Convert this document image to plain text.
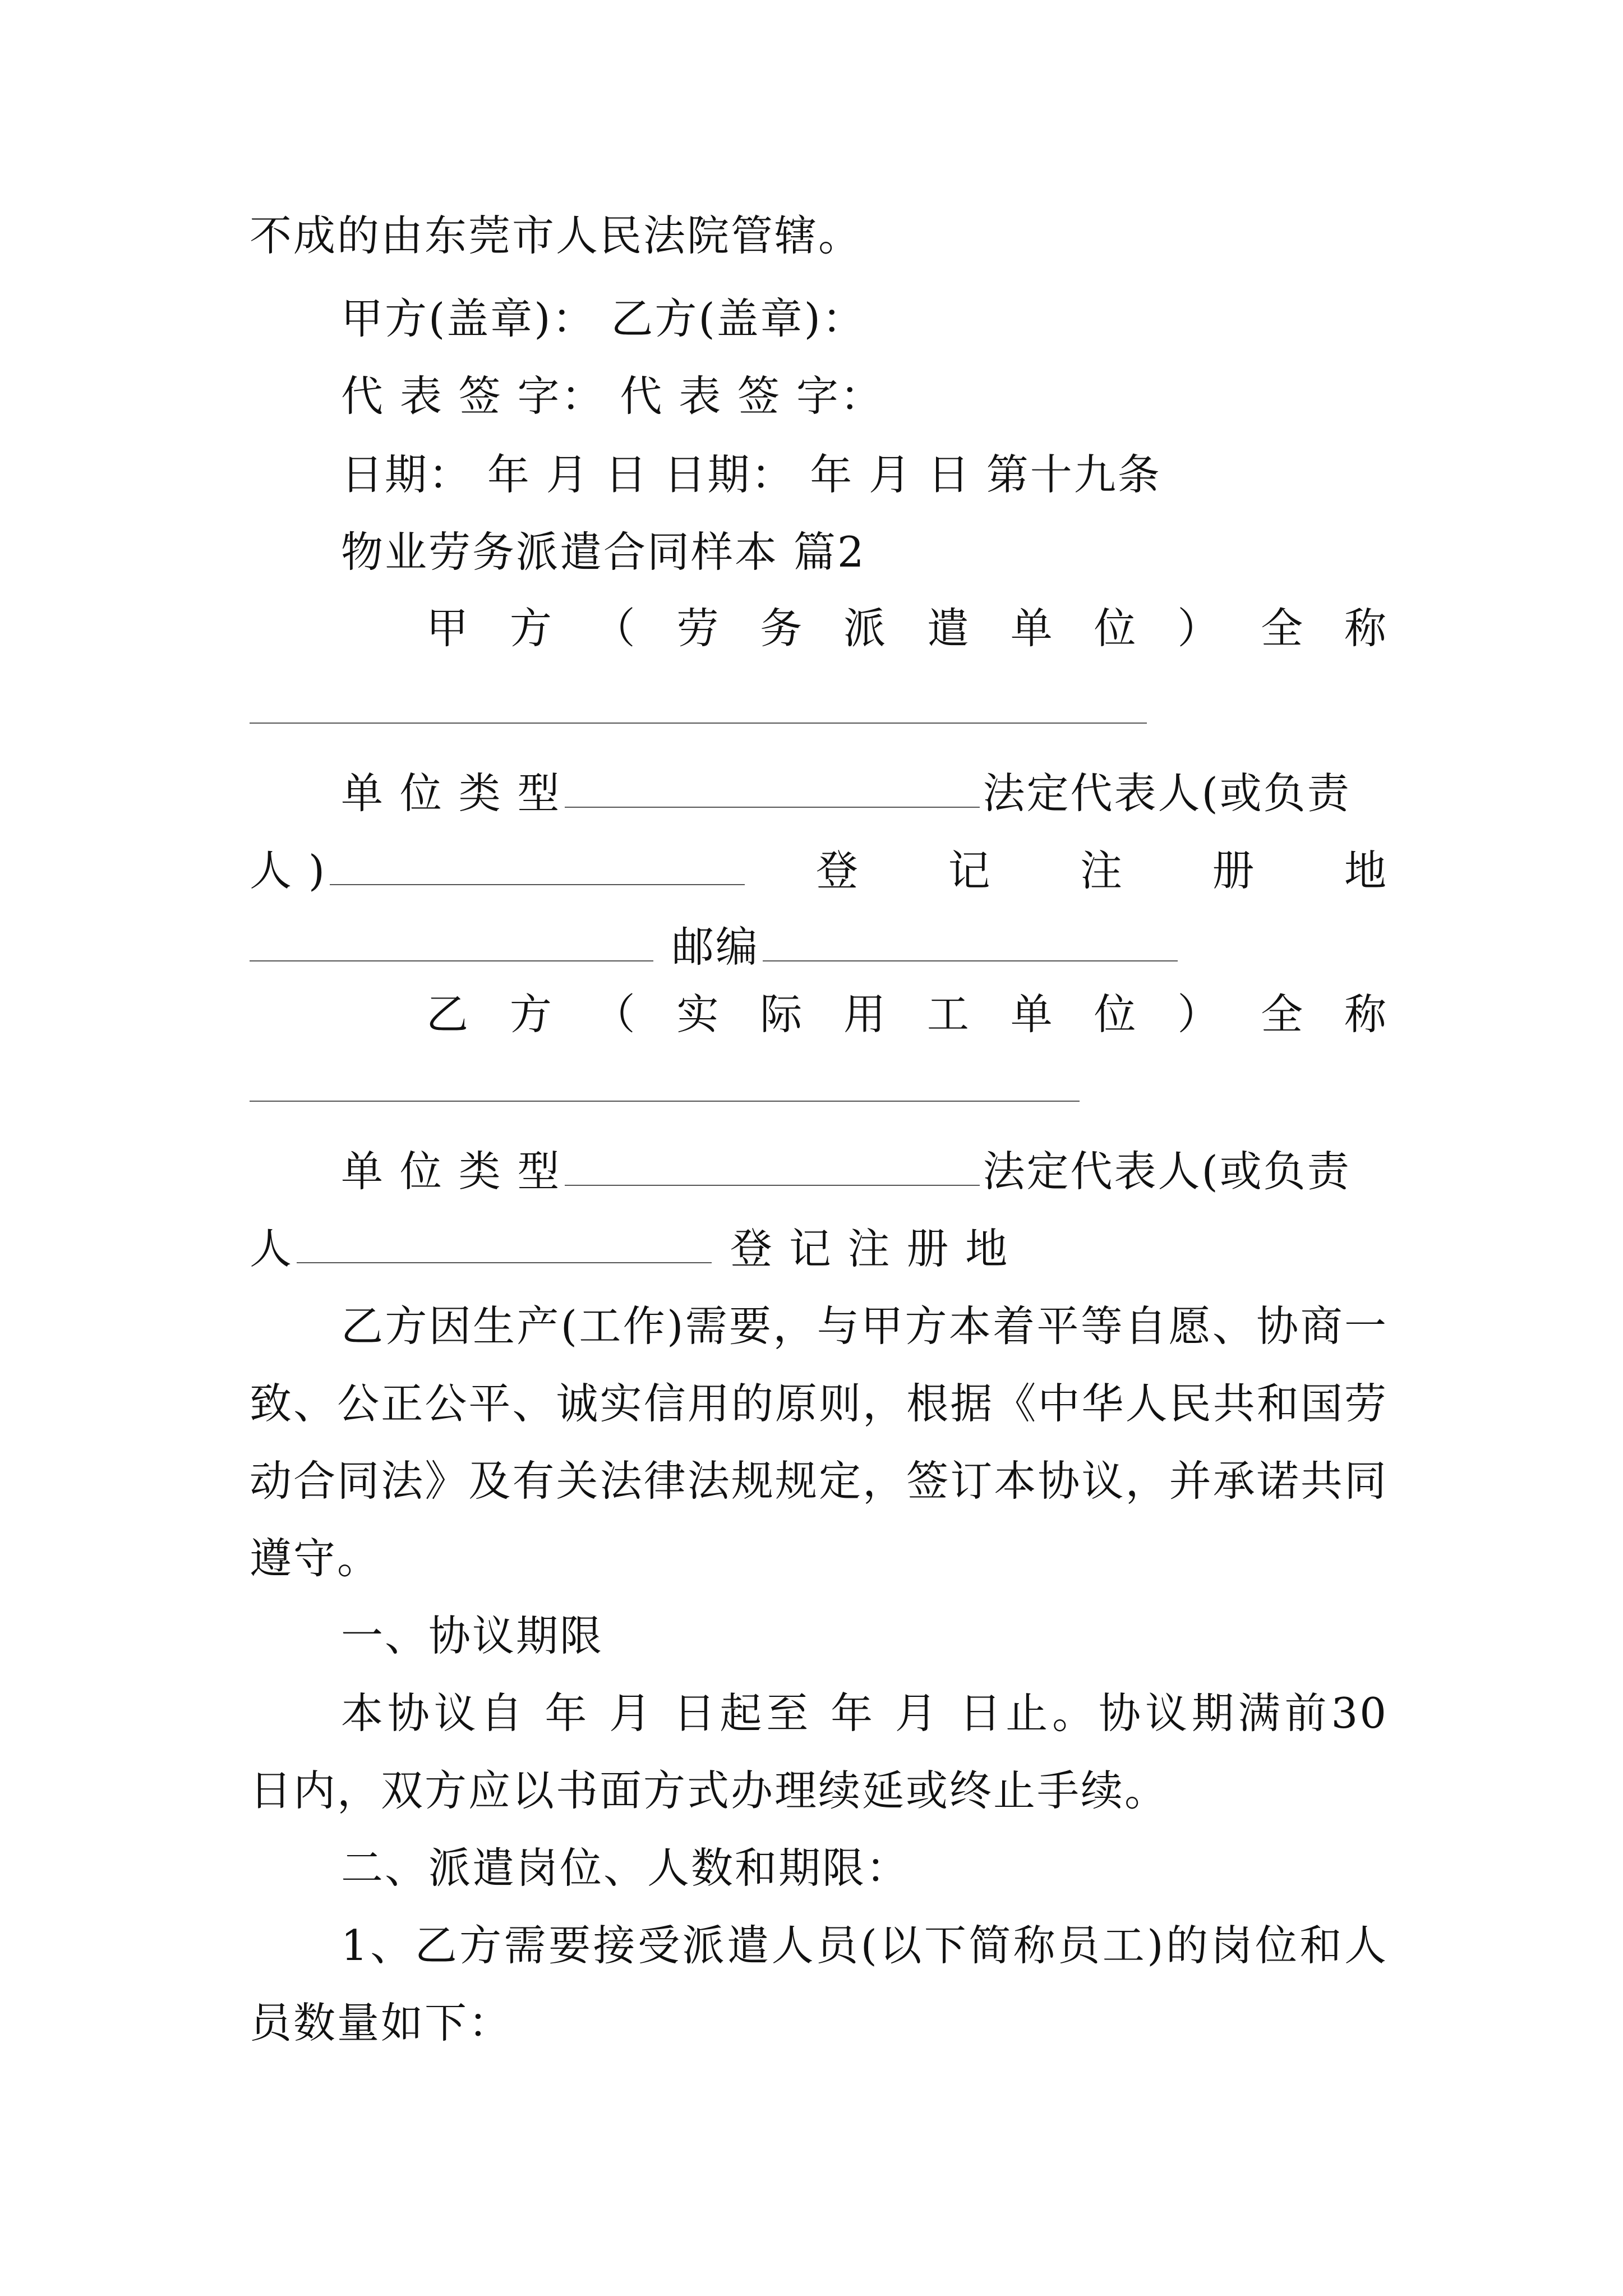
不成的由东莞市人民法院管辖。
甲方(盖章)： 乙方(盖章)：
代 表 签 字： 代 表 签 字：
日期： 年 月 日 日期： 年 月 日 第十九条
物业劳务派遣合同样本 篇2
甲方（劳务派遣单位）全称
单 位 类 型	法定代表人(或负责
人 )	登 记 注 册 地
邮编
乙方（实际用工单位）全称
单 位 类 型	法定代表人(或负责
人	登 记 注 册 地
乙方因生产(工作)需要，与甲方本着平等自愿、协商一
致、公正公平、诚实信用的原则，根据《中华人民共和国劳
动合同法》及有关法律法规规定，签订本协议，并承诺共同
遵守。
一、协议期限
本协议自 年 月 日起至 年 月 日止。协议期满前30
日内，双方应以书面方式办理续延或终止手续。
二、派遣岗位、人数和期限：
1、乙方需要接受派遣人员(以下简称员工)的岗位和人
员数量如下：
